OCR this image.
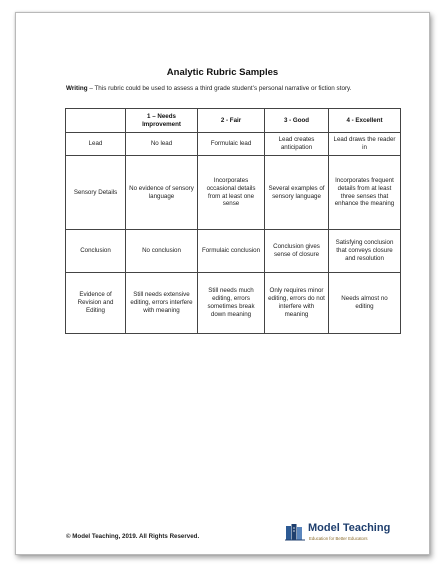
Analytic Rubric Samples
Writing – This rubric could be used to assess a third grade student’s personal narrative or fiction story.
	1 – Needs Improvement	2 - Fair	3 - Good	4 - Excellent
Lead	No lead	Formulaic lead	Lead creates anticipation	Lead draws the reader in
Sensory Details	No evidence of sensory language	Incorporates occasional details from at least one sense	Several examples of sensory language	Incorporates frequent details from at least three senses that enhance the meaning
Conclusion	No conclusion	Formulaic conclusion	Conclusion gives sense of closure	Satisfying conclusion that conveys closure and resolution
Evidence of Revision and Editing	Still needs extensive editing, errors interfere with meaning	Still needs much editing, errors sometimes break down meaning	Only requires minor editing, errors do not interfere with meaning	Needs almost no editing
© Model Teaching, 2019. All Rights Reserved.
Model Teaching
Education for Better Educators
